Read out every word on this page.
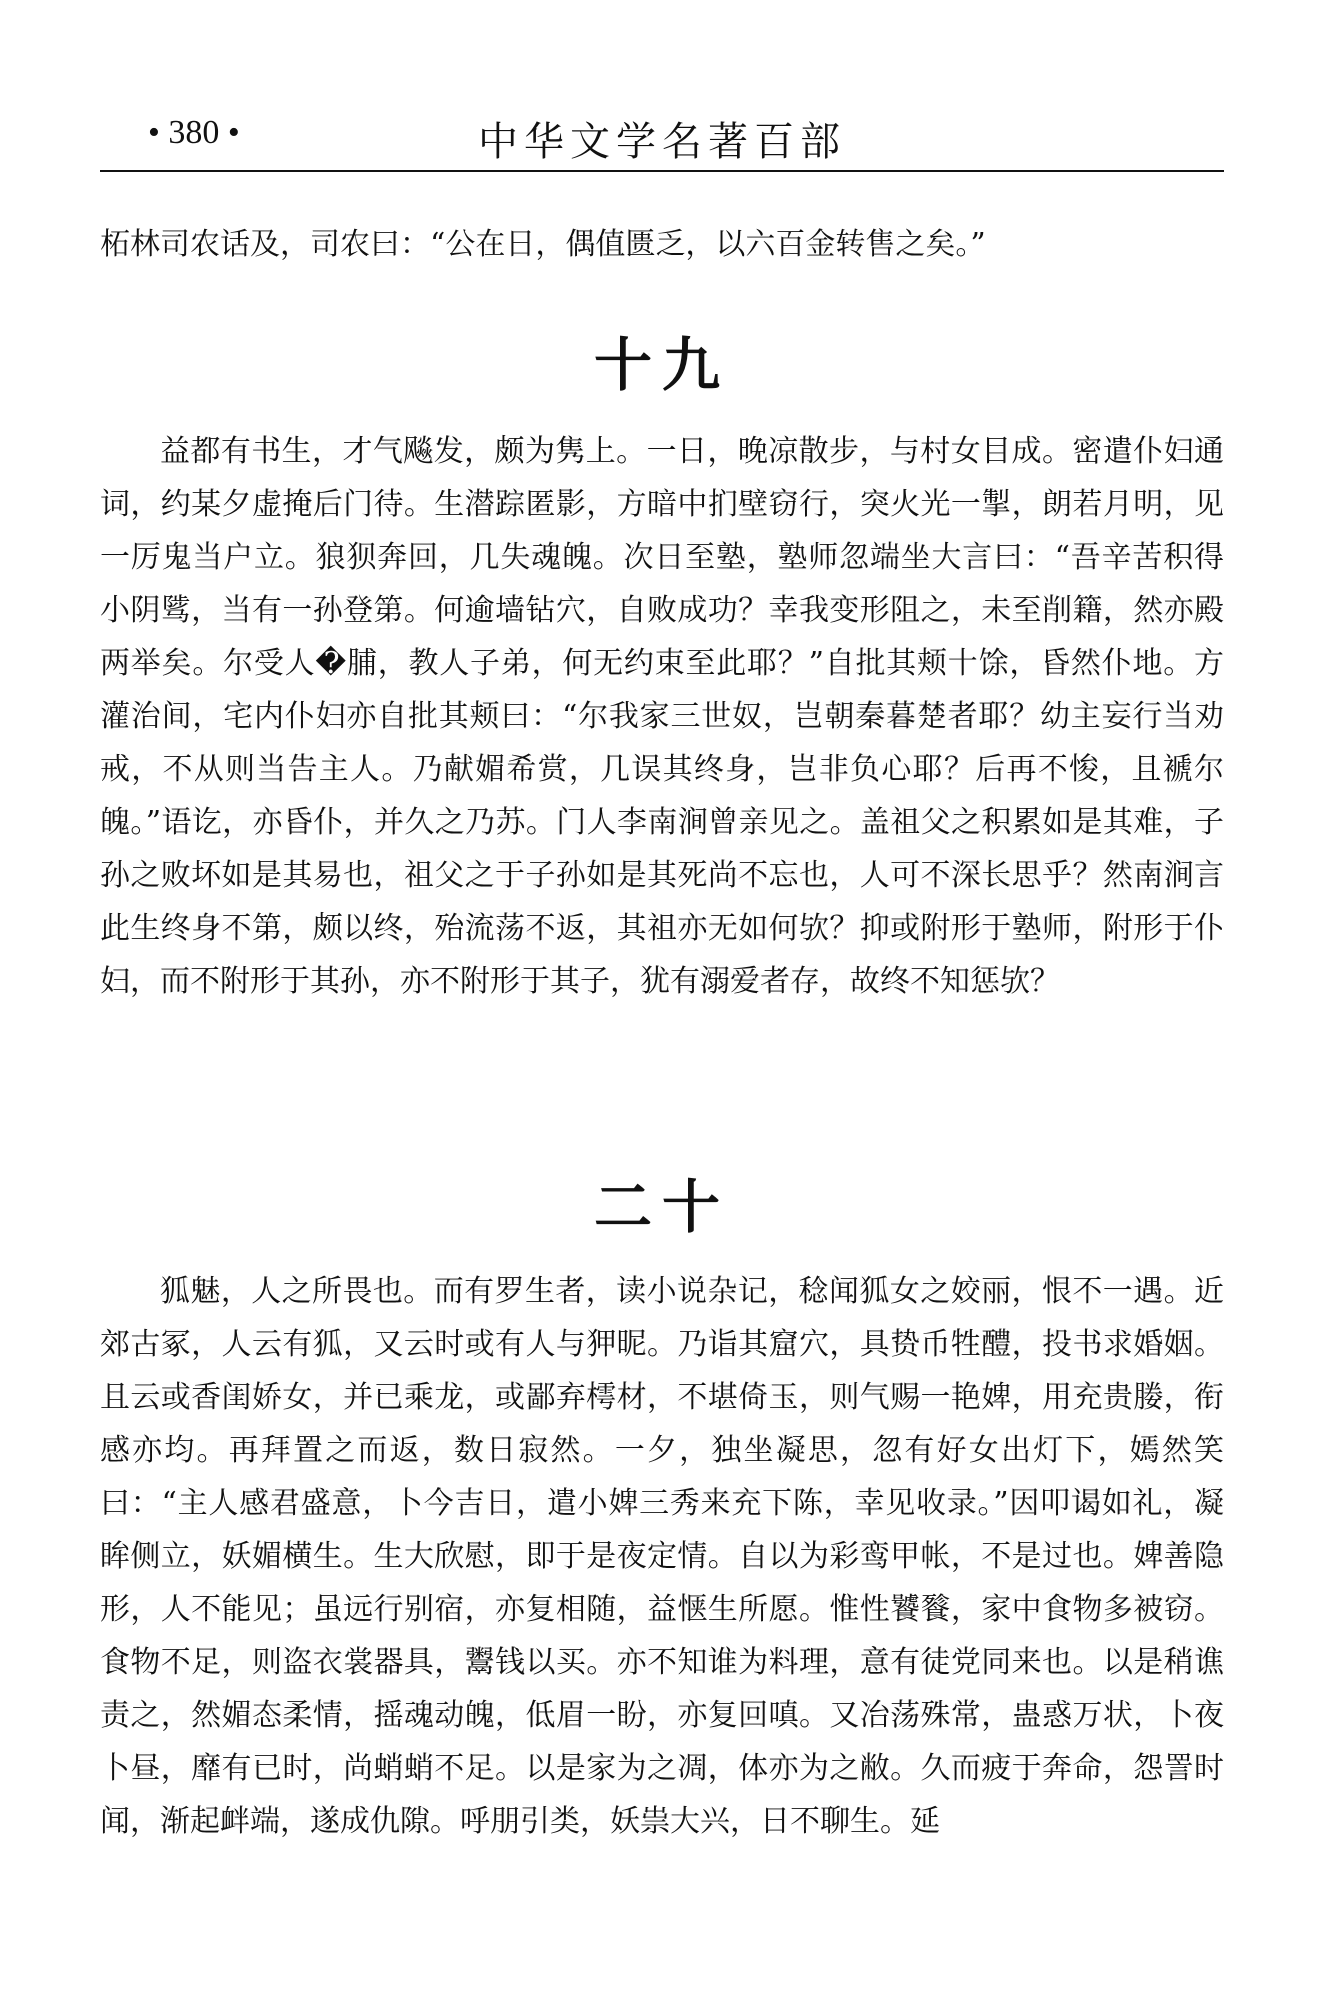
• 380 •	中华文学名著百部

柘林司农话及，司农曰：“公在日，偶值匮乏，以六百金转售之矣。”

十九

益都有书生，才气飚发，颇为隽上。一日，晚凉散步，与村女目成。密遣仆妇通词，约某夕虚掩后门待。生潜踪匿影，方暗中扪壁窃行，突火光一掣，朗若月明，见一厉鬼当户立。狼狈奔回，几失魂魄。次日至塾，塾师忽端坐大言曰：“吾辛苦积得小阴骘，当有一孙登第。何逾墙钻穴，自败成功？幸我变形阻之，未至削籍，然亦殿两举矣。尔受人�脯，教人子弟，何无约束至此耶？”自批其颊十馀，昏然仆地。方灌治间，宅内仆妇亦自批其颊曰：“尔我家三世奴，岂朝秦暮楚者耶？幼主妄行当劝戒，不从则当告主人。乃献媚希赏，几误其终身，岂非负心耶？后再不悛，且褫尔魄。”语讫，亦昏仆，并久之乃苏。门人李南涧曾亲见之。盖祖父之积累如是其难，子孙之败坏如是其易也，祖父之于子孙如是其死尚不忘也，人可不深长思乎？然南涧言此生终身不第，颇以终，殆流荡不返，其祖亦无如何欤？抑或附形于塾师，附形于仆妇，而不附形于其孙，亦不附形于其子，犹有溺爱者存，故终不知惩欤？

二十

狐魅，人之所畏也。而有罗生者，读小说杂记，稔闻狐女之姣丽，恨不一遇。近郊古冢，人云有狐，又云时或有人与狎昵。乃诣其窟穴，具贽币牲醴，投书求婚姻。且云或香闺娇女，并已乘龙，或鄙弃樗材，不堪倚玉，则气赐一艳婢，用充贵媵，衔感亦均。再拜置之而返，数日寂然。一夕，独坐凝思，忽有好女出灯下，嫣然笑曰：“主人感君盛意，卜今吉日，遣小婢三秀来充下陈，幸见收录。”因叩谒如礼，凝眸侧立，妖媚横生。生大欣慰，即于是夜定情。自以为彩鸾甲帐，不是过也。婢善隐形，人不能见；虽远行别宿，亦复相随，益惬生所愿。惟性饕餮，家中食物多被窃。食物不足，则盗衣裳器具，鬻钱以买。亦不知谁为料理，意有徒党同来也。以是稍谯责之，然媚态柔情，摇魂动魄，低眉一盼，亦复回嗔。又冶荡殊常，蛊惑万状，卜夜卜昼，靡有已时，尚蛸蛸不足。以是家为之凋，体亦为之敝。久而疲于奔命，怨詈时闻，渐起衅端，遂成仇隙。呼朋引类，妖祟大兴，日不聊生。延
